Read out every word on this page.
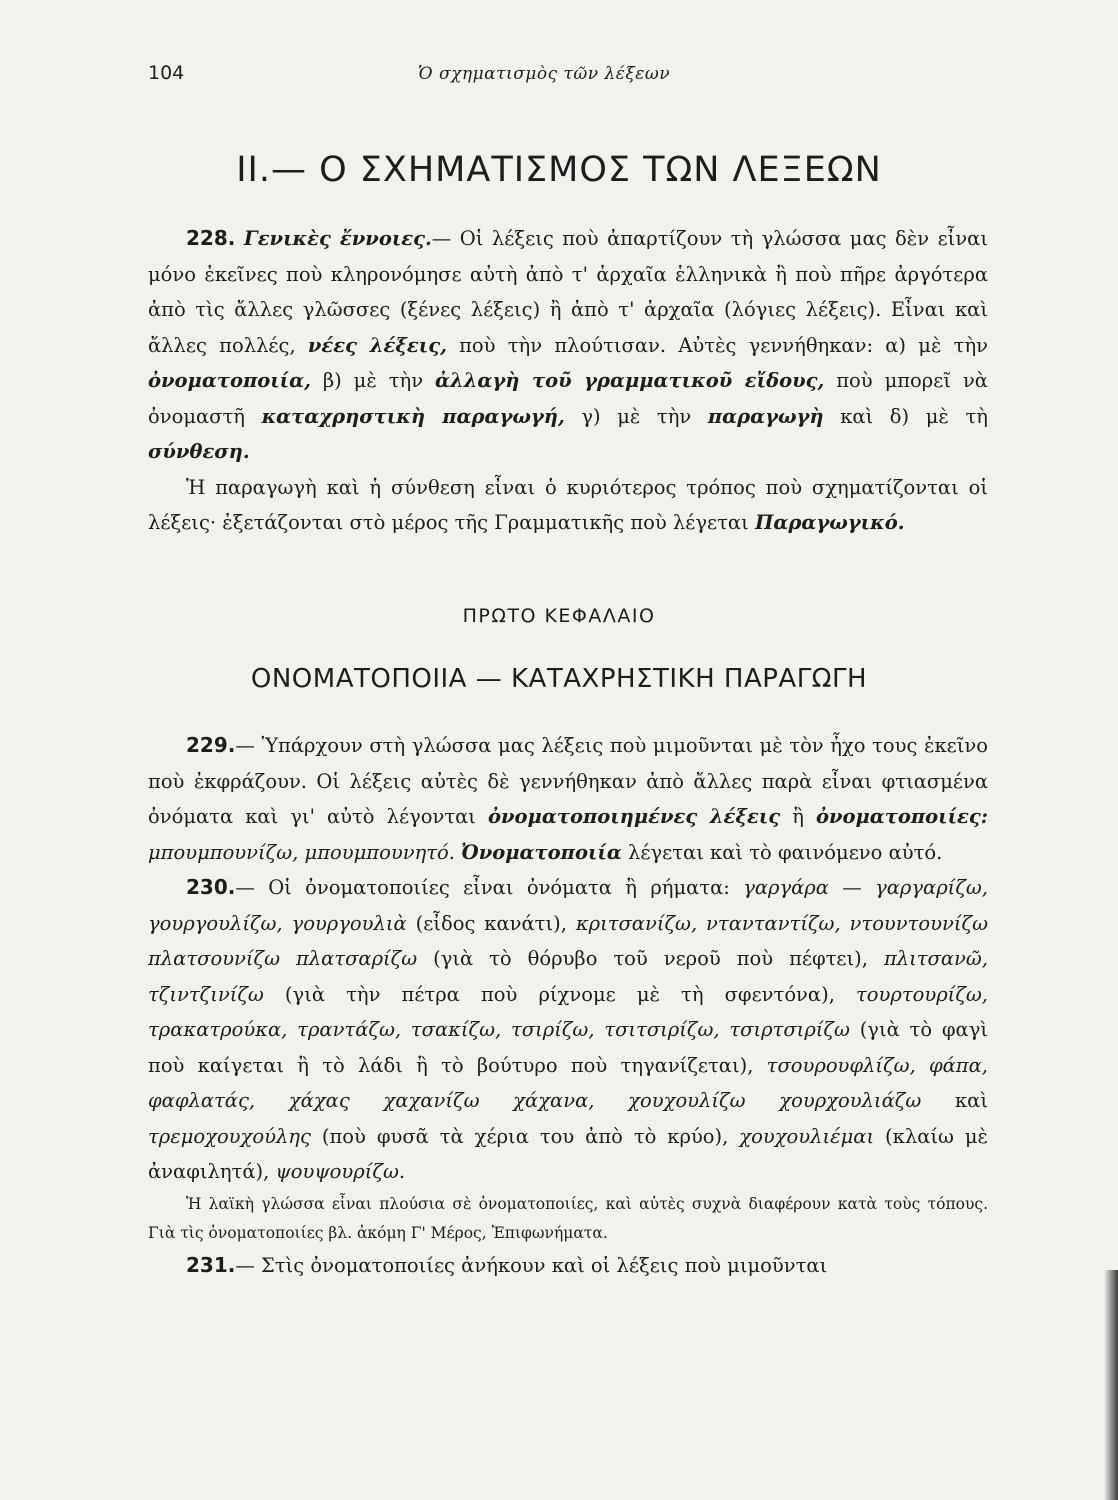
104	Ὁ σχηματισμὸς τῶν λέξεων
II.— Ο ΣΧΗΜΑΤΙΣΜΟΣ ΤΩΝ ΛΕΞΕΩΝ

228. Γενικὲς ἔννοιες.— Οἱ λέξεις ποὺ ἀπαρτίζουν τὴ γλώσσα μας δὲν εἶναι μόνο ἐκεῖνες ποὺ κληρονόμησε αὐτὴ ἀπὸ τ' ἀρχαῖα ἑλληνικὰ ἢ ποὺ πῆρε ἀργότερα ἀπὸ τὶς ἄλλες γλῶσσες (ξένες λέξεις) ἢ ἀπὸ τ' ἀρχαῖα (λόγιες λέξεις). Εἶναι καὶ ἄλλες πολλές, νέες λέξεις, ποὺ τὴν πλούτισαν. Αὐτὲς γεννήθηκαν: α) μὲ τὴν ὀνοματοποιία, β) μὲ τὴν ἀλλαγὴ τοῦ γραμματικοῦ εἴδους, ποὺ μπορεῖ νὰ ὀνομαστῆ καταχρηστικὴ παραγωγή, γ) μὲ τὴν παραγωγὴ καὶ δ) μὲ τὴ σύνθεση.

Ἡ παραγωγὴ καὶ ἡ σύνθεση εἶναι ὁ κυριότερος τρόπος ποὺ σχηματίζονται οἱ λέξεις· ἐξετάζονται στὸ μέρος τῆς Γραμματικῆς ποὺ λέγεται Παραγωγικό.

ΠΡΩΤΟ ΚΕΦΑΛΑΙΟ
ΟΝΟΜΑΤΟΠΟΙΙΑ — ΚΑΤΑΧΡΗΣΤΙΚΗ ΠΑΡΑΓΩΓΗ

229.— Ὑπάρχουν στὴ γλώσσα μας λέξεις ποὺ μιμοῦνται μὲ τὸν ἦχο τους ἐκεῖνο ποὺ ἐκφράζουν. Οἱ λέξεις αὐτὲς δὲ γεννήθηκαν ἀπὸ ἄλλες παρὰ εἶναι φτιασμένα ὀνόματα καὶ γι' αὐτὸ λέγονται ὀνοματοποιημένες λέξεις ἢ ὀνοματοποιίες: μπουμπουνίζω, μπουμπουνητό. Ὀνοματοποιία λέγεται καὶ τὸ φαινόμενο αὐτό.

230.— Οἱ ὀνοματοποιίες εἶναι ὀνόματα ἢ ρήματα: γαργάρα — γαργαρίζω, γουργουλίζω, γουργουλιὰ (εἶδος κανάτι), κριτσανίζω, ντανταντίζω, ντουντουνίζω πλατσουνίζω πλατσαρίζω (γιὰ τὸ θόρυβο τοῦ νεροῦ ποὺ πέφτει), πλιτσανῶ, τζιντζινίζω (γιὰ τὴν πέτρα ποὺ ρίχνομε μὲ τὴ σφεντόνα), τουρτουρίζω, τρακατρούκα, τραντάζω, τσακίζω, τσιρίζω, τσιτσιρίζω, τσιρτσιρίζω (γιὰ τὸ φαγὶ ποὺ καίγεται ἢ τὸ λάδι ἢ τὸ βούτυρο ποὺ τηγανίζεται), τσουρουφλίζω, φάπα, φαφλατάς, χάχας χαχανίζω χάχανα, χουχουλίζω χουρχουλιάζω καὶ τρεμοχουχούλης (ποὺ φυσᾶ τὰ χέρια του ἀπὸ τὸ κρύο), χουχουλιέμαι (κλαίω μὲ ἀναφιλητά), ψουψουρίζω.

Ἡ λαϊκὴ γλώσσα εἶναι πλούσια σὲ ὀνοματοποιίες, καὶ αὐτὲς συχνὰ διαφέρουν κατὰ τοὺς τόπους. Γιὰ τὶς ὀνοματοποιίες βλ. ἀκόμη Γ' Μέρος, Ἐπιφωνήματα.

231.— Στὶς ὀνοματοποιίες ἀνήκουν καὶ οἱ λέξεις ποὺ μιμοῦνται
